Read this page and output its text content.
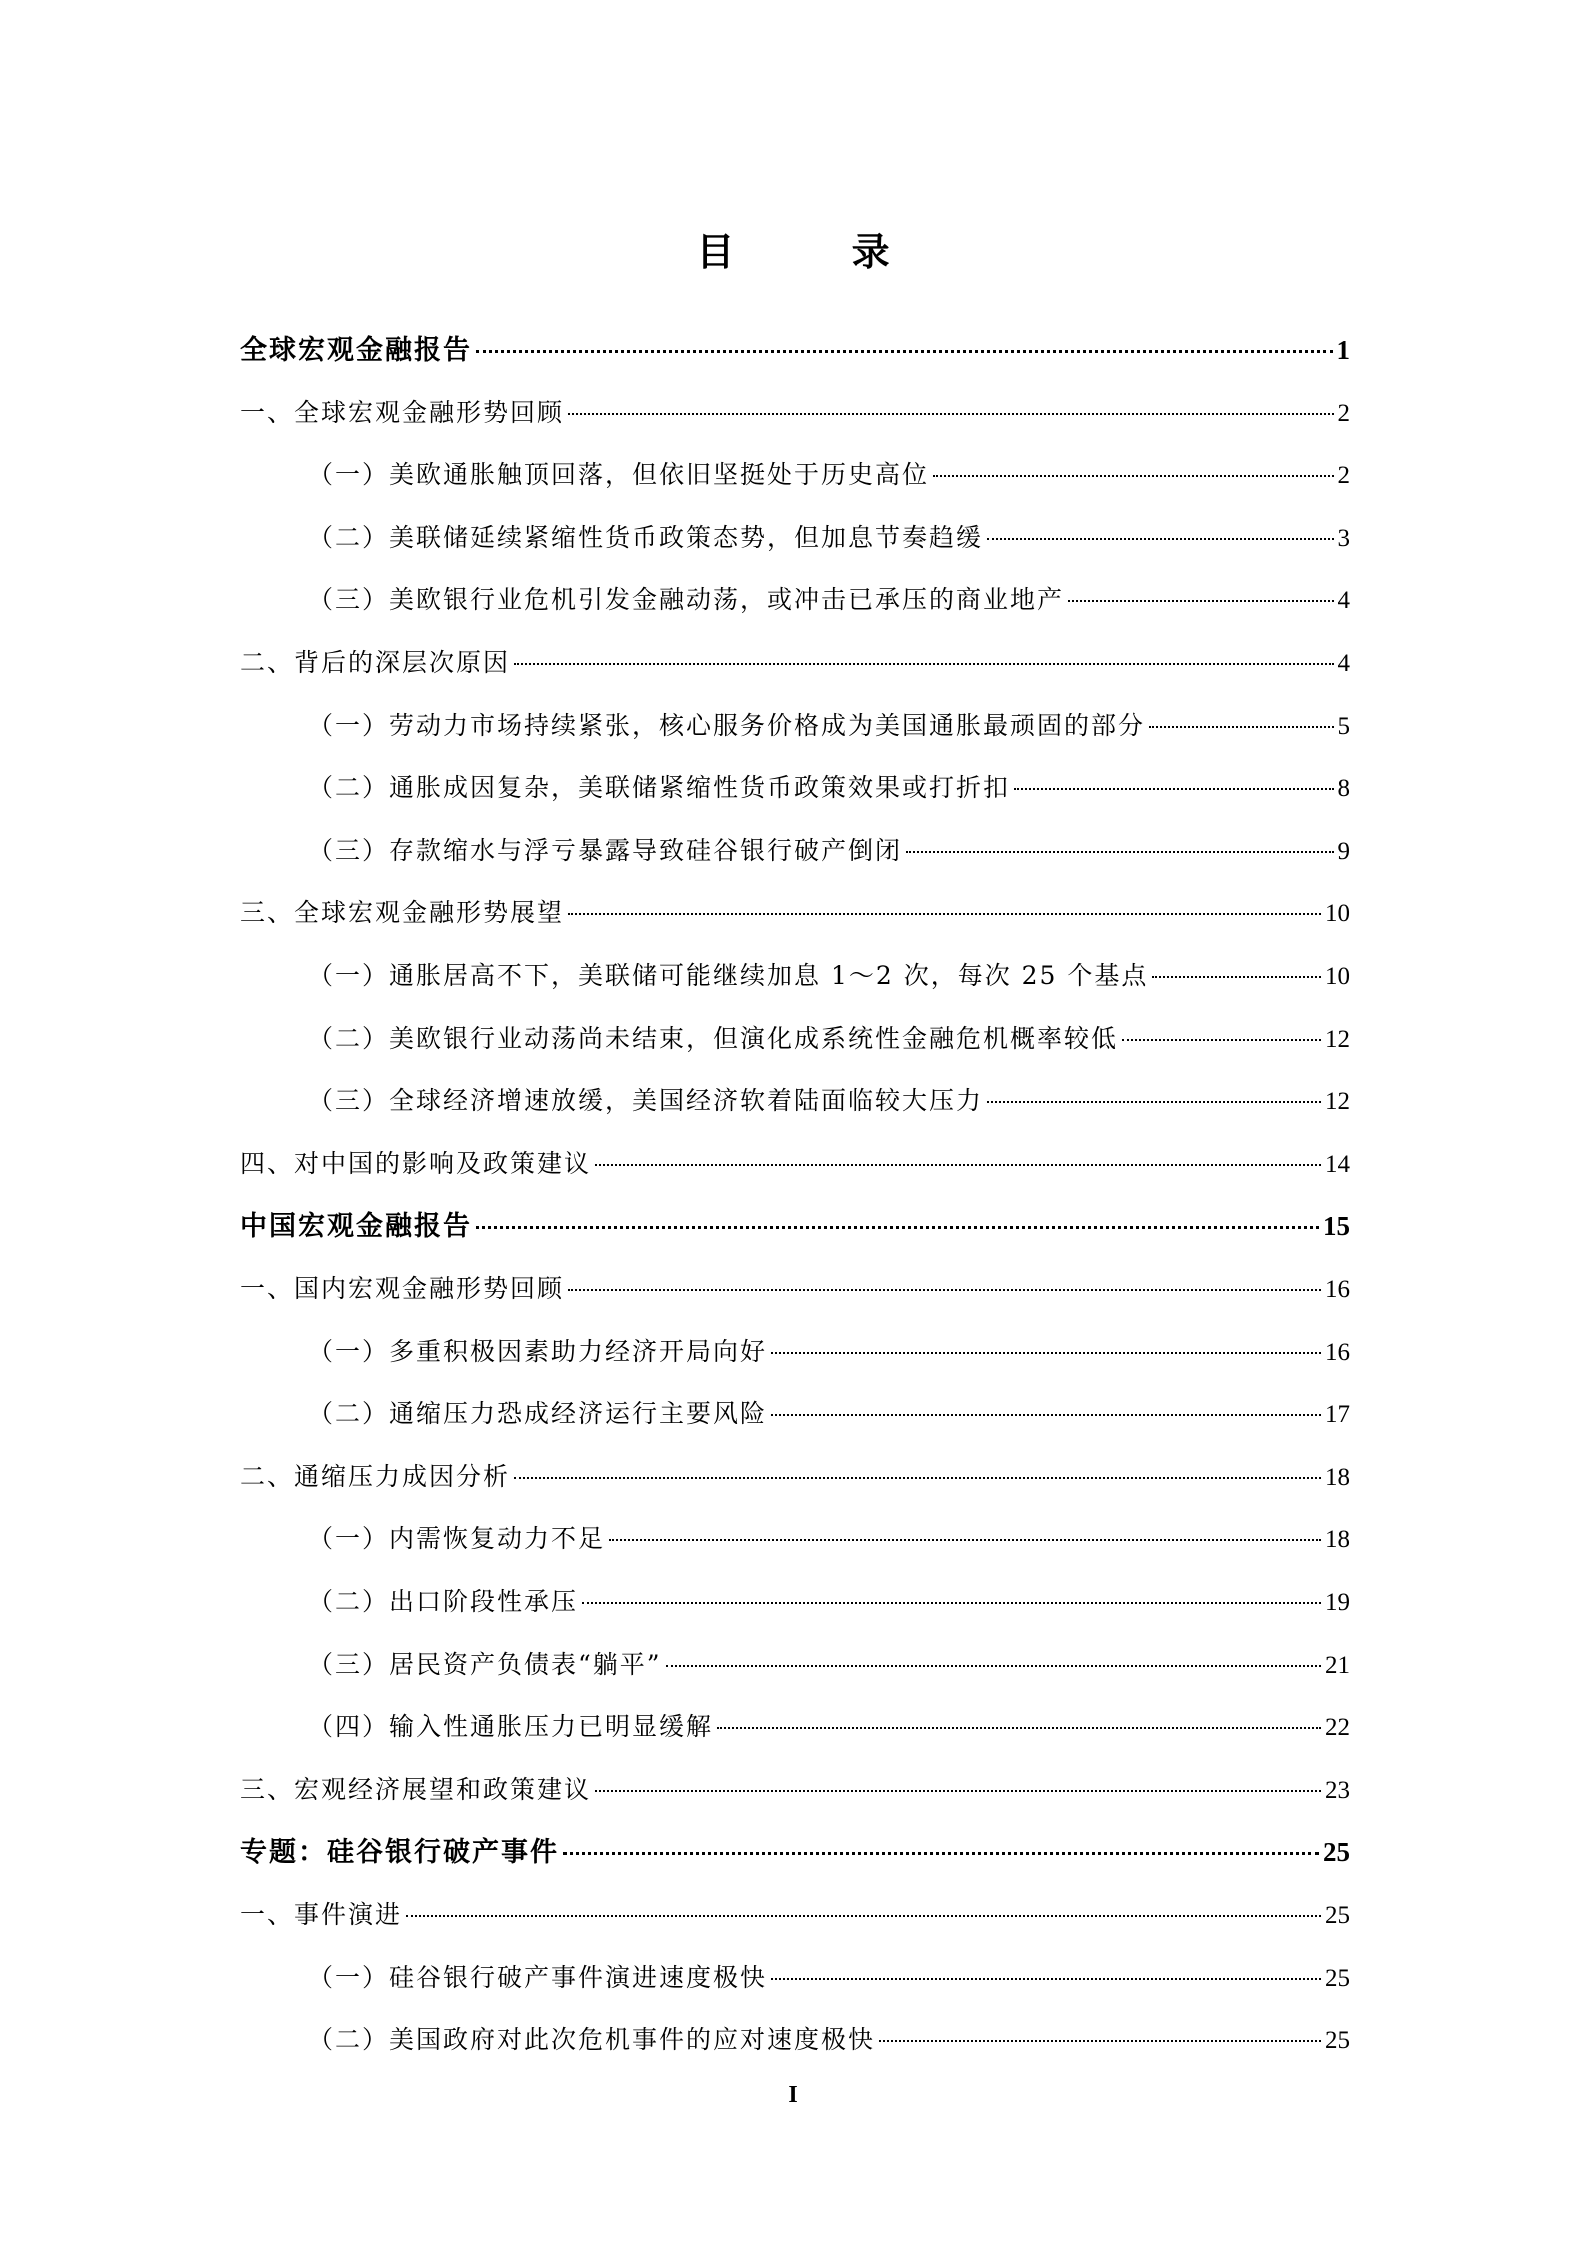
目 录
全球宏观金融报告	1
一、全球宏观金融形势回顾	2
（一）美欧通胀触顶回落，但依旧坚挺处于历史高位	2
（二）美联储延续紧缩性货币政策态势，但加息节奏趋缓	3
（三）美欧银行业危机引发金融动荡，或冲击已承压的商业地产	4
二、背后的深层次原因	4
（一）劳动力市场持续紧张，核心服务价格成为美国通胀最顽固的部分	5
（二）通胀成因复杂，美联储紧缩性货币政策效果或打折扣	8
（三）存款缩水与浮亏暴露导致硅谷银行破产倒闭	9
三、全球宏观金融形势展望	10
（一）通胀居高不下，美联储可能继续加息 1～2 次，每次 25 个基点	10
（二）美欧银行业动荡尚未结束，但演化成系统性金融危机概率较低	12
（三）全球经济增速放缓，美国经济软着陆面临较大压力	12
四、对中国的影响及政策建议	14
中国宏观金融报告	15
一、国内宏观金融形势回顾	16
（一）多重积极因素助力经济开局向好	16
（二）通缩压力恐成经济运行主要风险	17
二、通缩压力成因分析	18
（一）内需恢复动力不足	18
（二）出口阶段性承压	19
（三）居民资产负债表“躺平”	21
（四）输入性通胀压力已明显缓解	22
三、宏观经济展望和政策建议	23
专题：硅谷银行破产事件	25
一、事件演进	25
（一）硅谷银行破产事件演进速度极快	25
（二）美国政府对此次危机事件的应对速度极快	25
I
